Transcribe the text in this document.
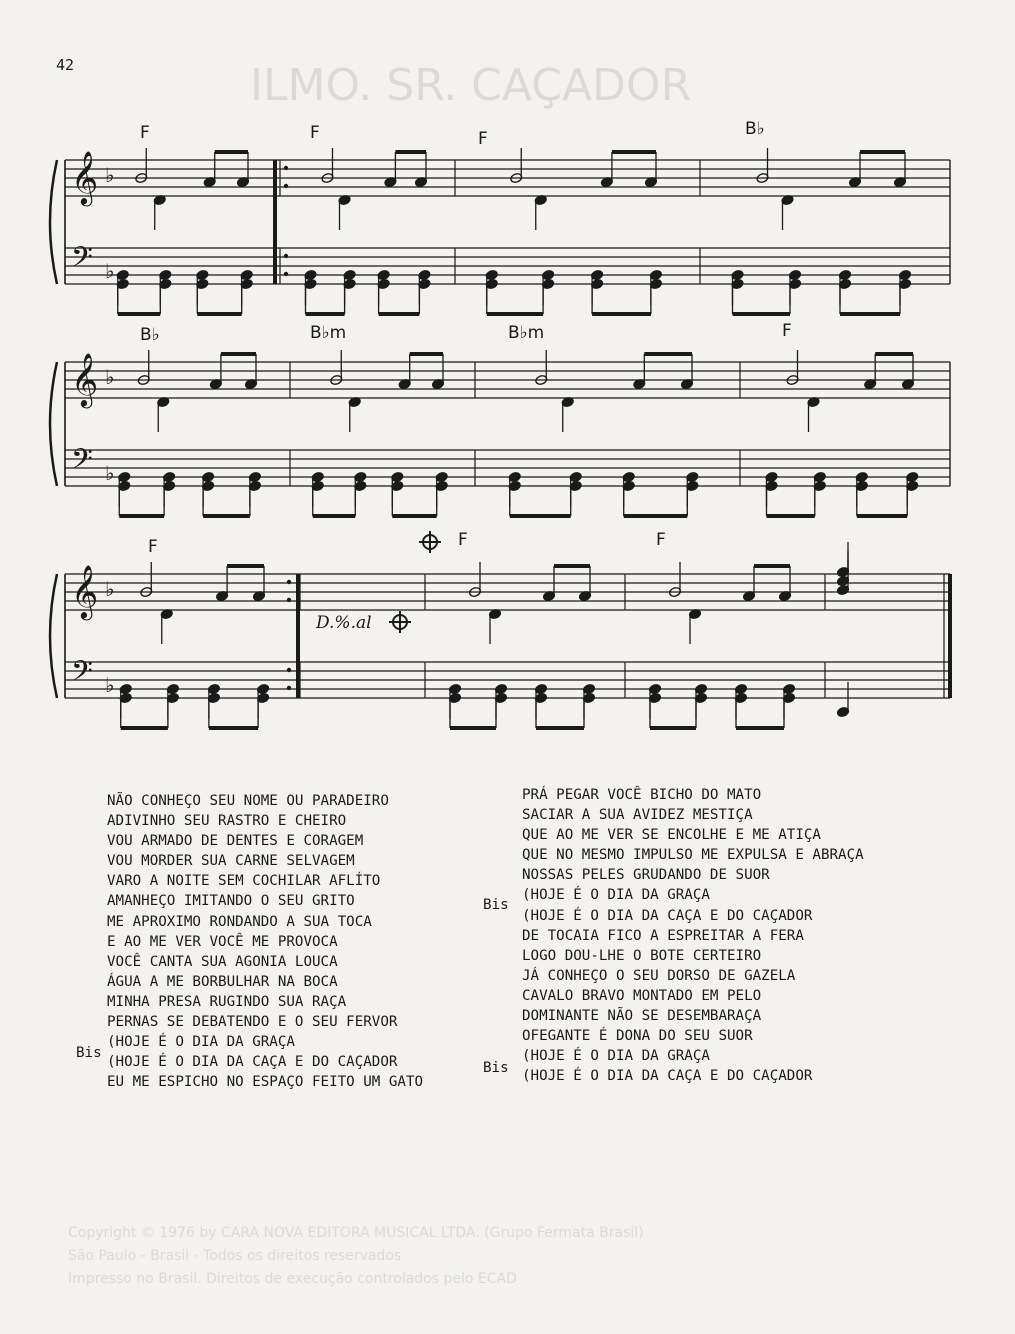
ILMO. SR. CAÇADOR
Copyright © 1976 by CARA NOVA EDITORA MUSICAL LTDA. (Grupo Fermata Brasil)
São Paulo - Brasil - Todos os direitos reservados
Impresso no Brasil. Direitos de execução controlados pelo ECAD
42
𝄞
𝄢
♭
♭
𝄞
𝄢
♭
♭
𝄞
𝄢
♭
♭
F	F	F	B♭
B♭	B♭m	B♭m	F
F	F	F
D.%.al
NÃO CONHEÇO SEU NOME OU PARADEIRO
ADIVINHO SEU RASTRO E CHEIRO
VOU ARMADO DE DENTES E CORAGEM
VOU MORDER SUA CARNE SELVAGEM
VARO A NOITE SEM COCHILAR AFLÍTO
AMANHEÇO IMITANDO O SEU GRITO
ME APROXIMO RONDANDO A SUA TOCA
E AO ME VER VOCÊ ME PROVOCA
VOCÊ CANTA SUA AGONIA LOUCA
ÁGUA A ME BORBULHAR NA BOCA
MINHA PRESA RUGINDO SUA RAÇA
PERNAS SE DEBATENDO E O SEU FERVOR
(HOJE É O DIA DA GRAÇA
(HOJE É O DIA DA CAÇA E DO CAÇADOR
EU ME ESPICHO NO ESPAÇO FEITO UM GATO
PRÁ PEGAR VOCÊ BICHO DO MATO
SACIAR A SUA AVIDEZ MESTIÇA
QUE AO ME VER SE ENCOLHE E ME ATIÇA
QUE NO MESMO IMPULSO ME EXPULSA E ABRAÇA
NOSSAS PELES GRUDANDO DE SUOR
(HOJE É O DIA DA GRAÇA
(HOJE É O DIA DA CAÇA E DO CAÇADOR
DE TOCAIA FICO A ESPREITAR A FERA
LOGO DOU-LHE O BOTE CERTEIRO
JÁ CONHEÇO O SEU DORSO DE GAZELA
CAVALO BRAVO MONTADO EM PELO
DOMINANTE NÃO SE DESEMBARAÇA
OFEGANTE É DONA DO SEU SUOR
(HOJE É O DIA DA GRAÇA
(HOJE É O DIA DA CAÇA E DO CAÇADOR
Bis
Bis
Bis
